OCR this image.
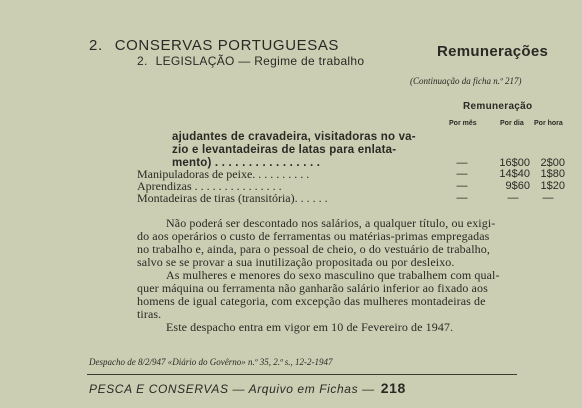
2. CONSERVAS PORTUGUESAS
2. LEGISLAÇÃO — Regime de trabalho
Remunerações
(Continuação da ficha n.º 217)
Remuneração
Por mês	Por dia Por hora
ajudantes de cravadeira, visitadoras no va-
zio e levantadeiras de latas para enlata-
mento) . . . . . . . . . . . . . . . .	—	16$00 2$00
Manipuladoras de peixe. . . . . . . . . .	—	14$40 1$80
Aprendizas . . . . . . . . . . . . . . .	—	9$60 1$20
Montadeiras de tiras (transitória). . . . . .	—	—	—
Não poderá ser descontado nos salários, a qualquer título, ou exigi-
do aos operários o custo de ferramentas ou matérias-primas empregadas
no trabalho e, ainda, para o pessoal de cheio, o do vestuário de trabalho,
salvo se se provar a sua inutilização propositada ou por desleixo.
As mulheres e menores do sexo masculino que trabalhem com qual-
quer máquina ou ferramenta não ganharão salário inferior ao fixado aos
homens de igual categoria, com excepção das mulheres montadeiras de
tiras.
Este despacho entra em vigor em 10 de Fevereiro de 1947.
Despacho de 8/2/947 «Diário do Govêrno» n.º 35, 2.ª s., 12-2-1947
PESCA E CONSERVAS — Arquivo em Fichas — 218
